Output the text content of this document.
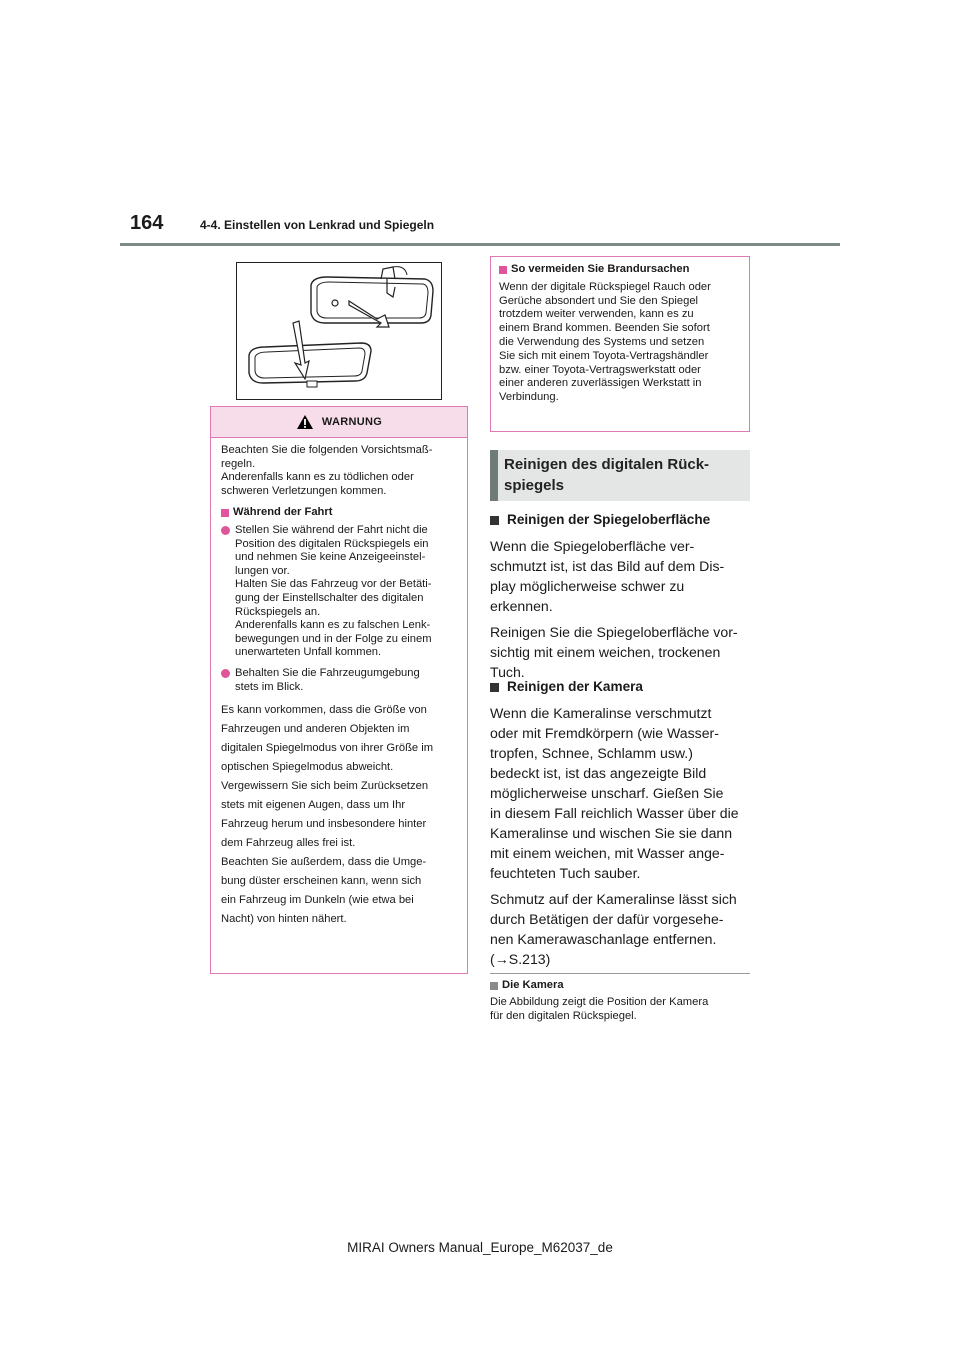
164	4-4. Einstellen von Lenkrad und Spiegeln
WARNUNG

Beachten Sie die folgenden Vorsichtsmaß-
regeln.
Anderenfalls kann es zu tödlichen oder
schweren Verletzungen kommen.

Während der Fahrt
Stellen Sie während der Fahrt nicht die
Position des digitalen Rückspiegels ein
und nehmen Sie keine Anzeigeeinstel-
lungen vor.
Halten Sie das Fahrzeug vor der Betäti-
gung der Einstellschalter des digitalen
Rückspiegels an.
Anderenfalls kann es zu falschen Lenk-
bewegungen und in der Folge zu einem
unerwarteten Unfall kommen.
Behalten Sie die Fahrzeugumgebung
stets im Blick.

Es kann vorkommen, dass die Größe von

Fahrzeugen und anderen Objekten im

digitalen Spiegelmodus von ihrer Größe im

optischen Spiegelmodus abweicht.

Vergewissern Sie sich beim Zurücksetzen

stets mit eigenen Augen, dass um Ihr

Fahrzeug herum und insbesondere hinter

dem Fahrzeug alles frei ist.

Beachten Sie außerdem, dass die Umge-

bung düster erscheinen kann, wenn sich

ein Fahrzeug im Dunkeln (wie etwa bei

Nacht) von hinten nähert.

So vermeiden Sie Brandursachen
Wenn der digitale Rückspiegel Rauch oder
Gerüche absondert und Sie den Spiegel
trotzdem weiter verwenden, kann es zu
einem Brand kommen. Beenden Sie sofort
die Verwendung des Systems und setzen
Sie sich mit einem Toyota-Vertragshändler
bzw. einer Toyota-Vertragswerkstatt oder
einer anderen zuverlässigen Werkstatt in
Verbindung.
Reinigen des digitalen Rück-
spiegels
Reinigen der Spiegeloberfläche

Wenn die Spiegeloberfläche ver-
schmutzt ist, ist das Bild auf dem Dis-
play möglicherweise schwer zu
erkennen.

Reinigen Sie die Spiegeloberfläche vor-
sichtig mit einem weichen, trockenen
Tuch.

Reinigen der Kamera

Wenn die Kameralinse verschmutzt
oder mit Fremdkörpern (wie Wasser-
tropfen, Schnee, Schlamm usw.)
bedeckt ist, ist das angezeigte Bild
möglicherweise unscharf. Gießen Sie
in diesem Fall reichlich Wasser über die
Kameralinse und wischen Sie sie dann
mit einem weichen, mit Wasser ange-
feuchteten Tuch sauber.

Schmutz auf der Kameralinse lässt sich
durch Betätigen der dafür vorgesehe-
nen Kamerawaschanlage entfernen.
(→S.213)

Die Kamera
Die Abbildung zeigt die Position der Kamera
für den digitalen Rückspiegel.
MIRAI Owners Manual_Europe_M62037_de
